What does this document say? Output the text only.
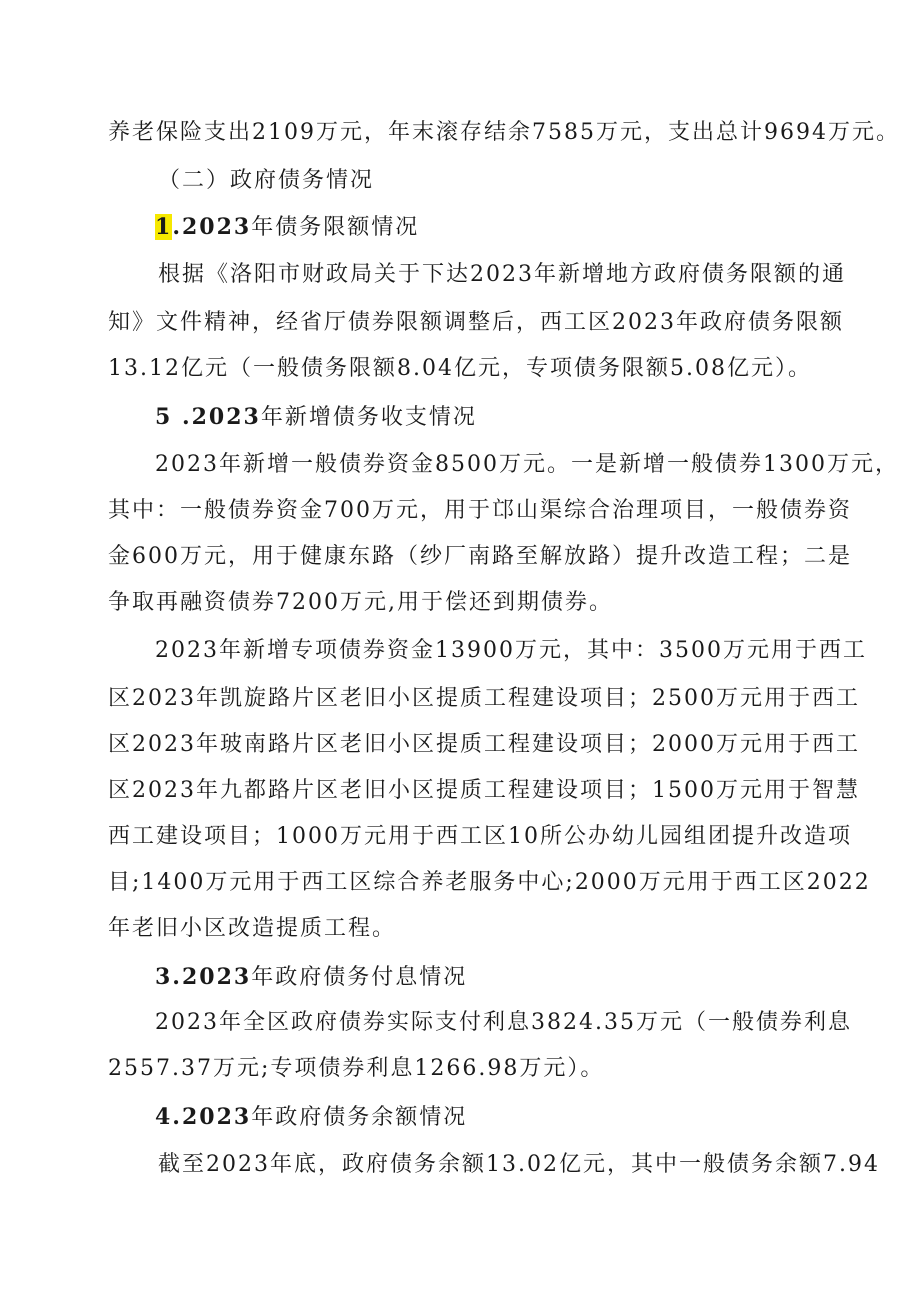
养老保险支出2109万元，年末滚存结余7585万元，支出总计9694万元。
（二）政府债务情况
1.2023年债务限额情况
根据《洛阳市财政局关于下达2023年新增地方政府债务限额的通
知》文件精神，经省厅债券限额调整后，西工区2023年政府债务限额
13.12亿元（一般债务限额8.04亿元，专项债务限额5.08亿元）。
5 .2023年新增债务收支情况
2023年新增一般债券资金8500万元。一是新增一般债券1300万元，
其中：一般债券资金700万元，用于邙山渠综合治理项目，一般债券资
金600万元，用于健康东路（纱厂南路至解放路）提升改造工程；二是
争取再融资债券7200万元,用于偿还到期债券。
2023年新增专项债券资金13900万元，其中：3500万元用于西工
区2023年凯旋路片区老旧小区提质工程建设项目；2500万元用于西工
区2023年玻南路片区老旧小区提质工程建设项目；2000万元用于西工
区2023年九都路片区老旧小区提质工程建设项目；1500万元用于智慧
西工建设项目；1000万元用于西工区10所公办幼儿园组团提升改造项
目;1400万元用于西工区综合养老服务中心;2000万元用于西工区2022
年老旧小区改造提质工程。
3.2023年政府债务付息情况
2023年全区政府债券实际支付利息3824.35万元（一般债券利息
2557.37万元;专项债券利息1266.98万元）。
4.2023年政府债务余额情况
截至2023年底，政府债务余额13.02亿元，其中一般债务余额7.94
